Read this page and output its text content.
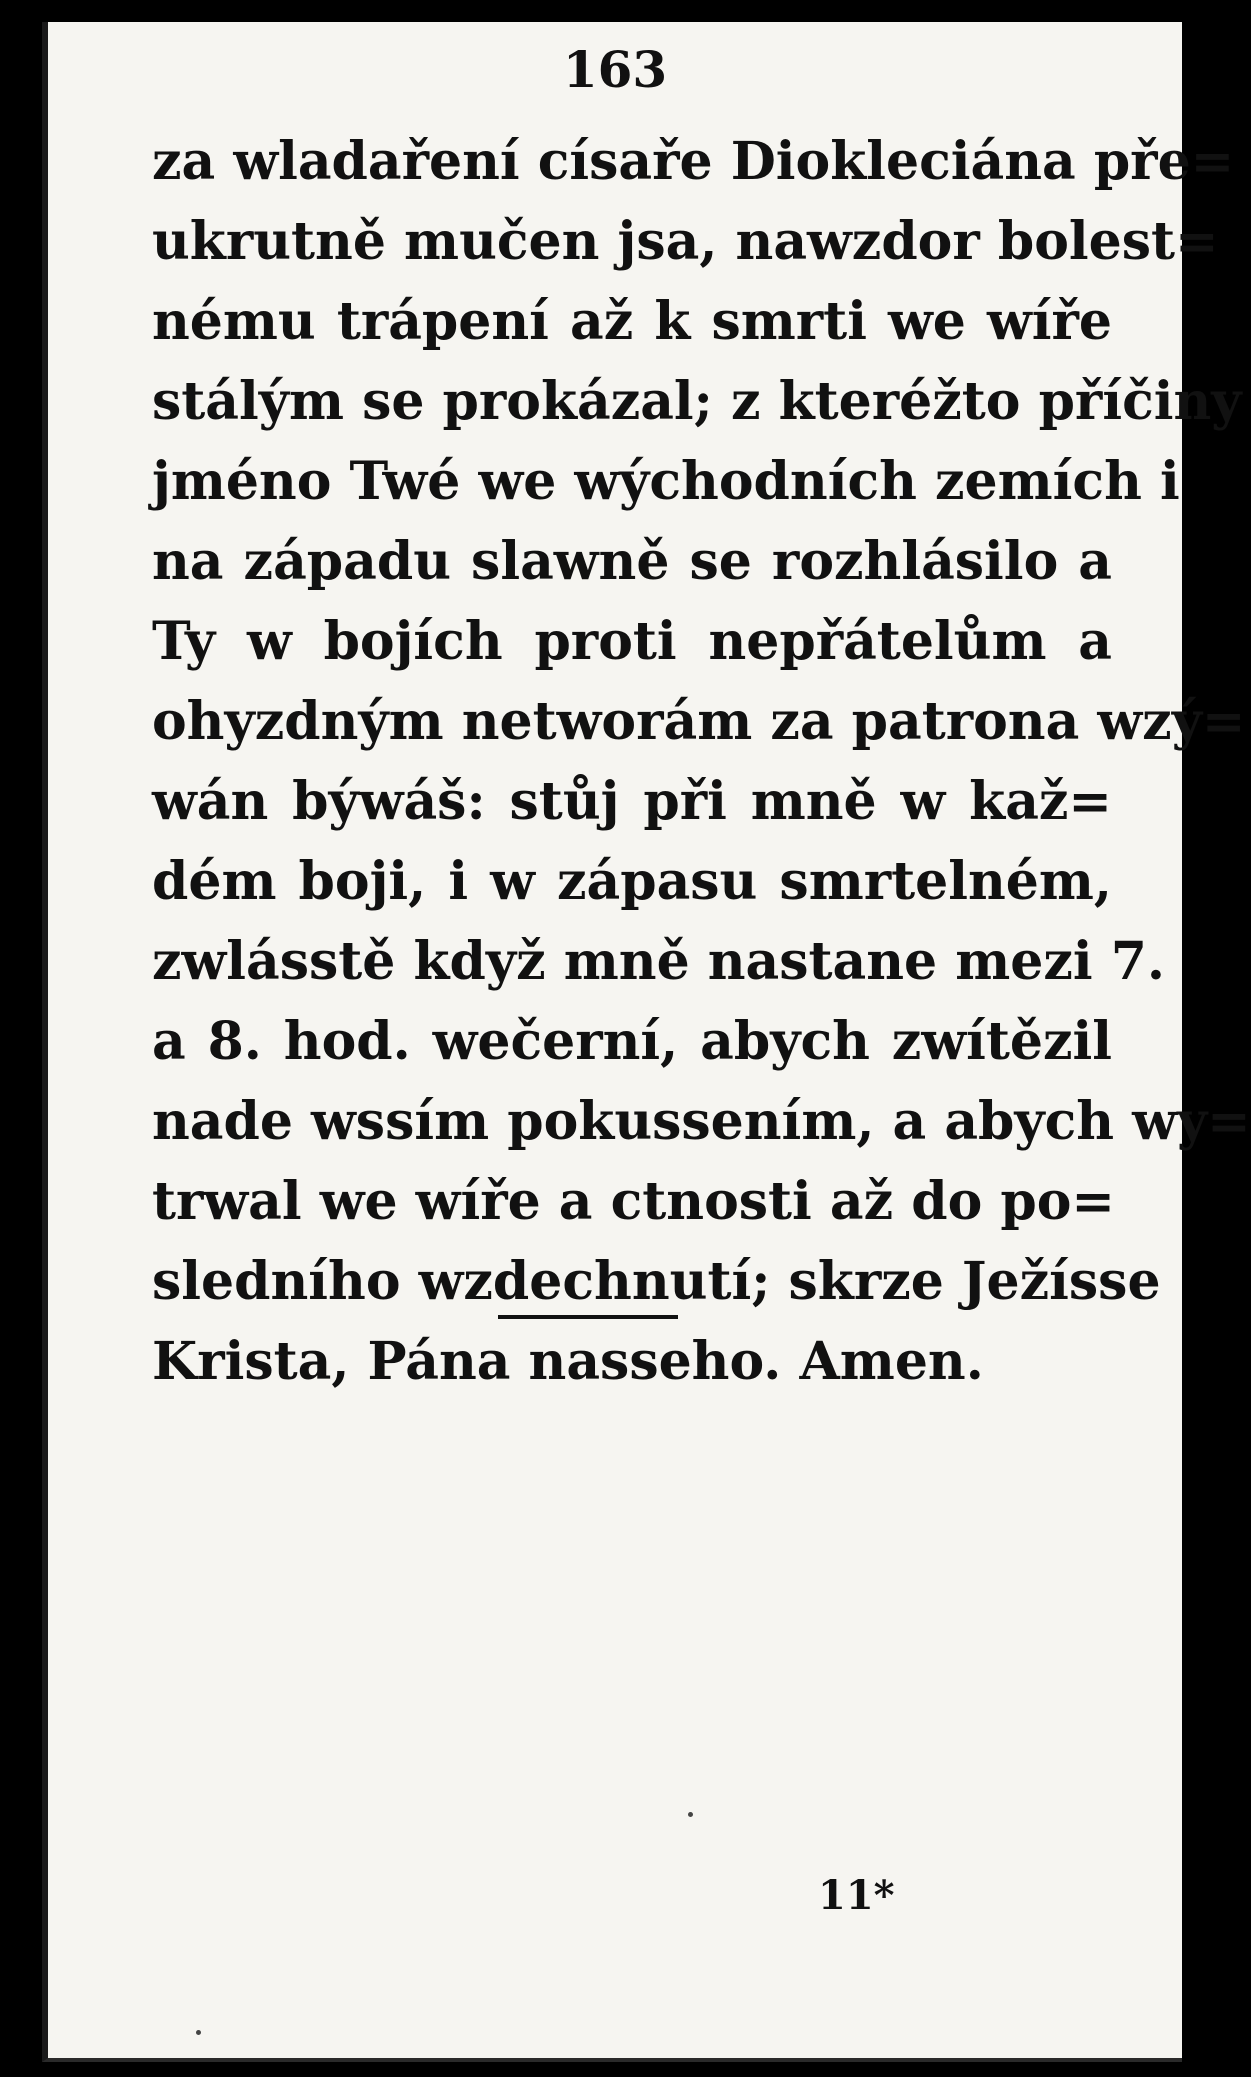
163
za wladaření císaře Diokleciána pře=
ukrutně mučen jsa, nawzdor bolest=
nému trápení až k smrti we wíře
stálým se prokázal; z kteréžto příčiny
jméno Twé we wýchodních zemích i
na západu slawně se rozhlásilo a
Ty w bojích proti nepřátelům a
ohyzdným networám za patrona wzý=
wán býwáš: stůj při mně w kaž=
dém boji, i w zápasu smrtelném,
zwlásstě když mně nastane mezi 7.
a 8. hod. wečerní, abych zwítězil
nade wssím pokussením, a abych wy=
trwal we wíře a ctnosti až do po=
sledního wzdechnutí; skrze Ježísse
Krista, Pána nasseho. Amen.
11*
